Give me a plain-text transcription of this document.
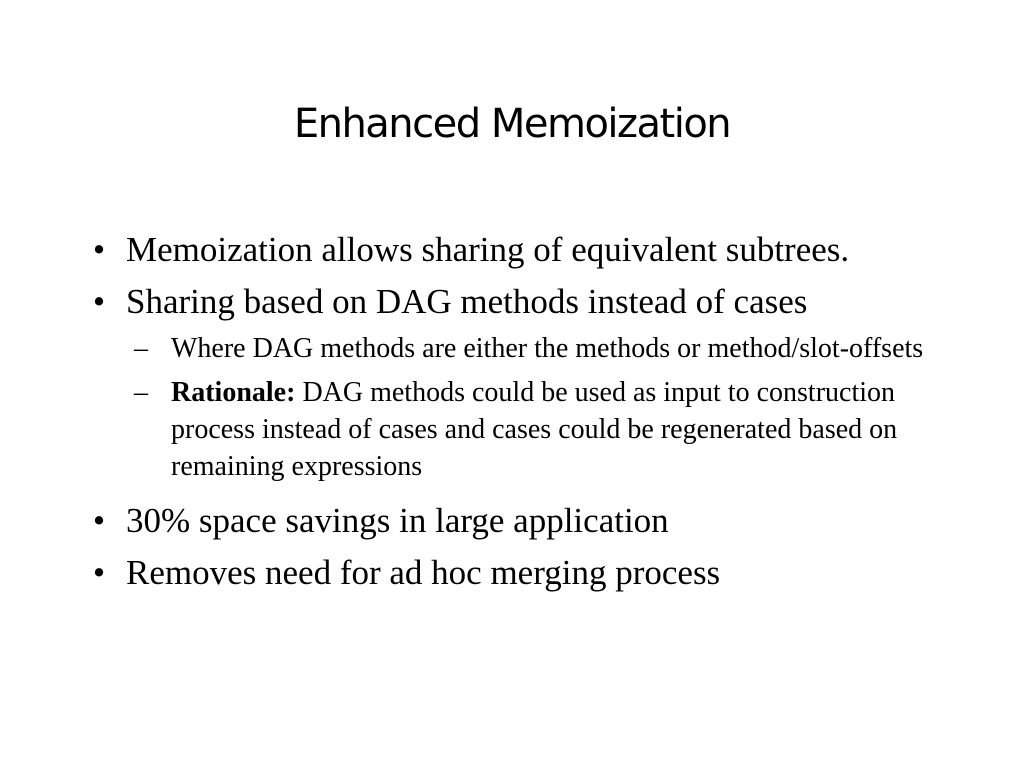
Enhanced Memoization
• Memoization allows sharing of equivalent subtrees.
• Sharing based on DAG methods instead of cases
– Where DAG methods are either the methods or method/slot-offsets
– Rationale: DAG methods could be used as input to construction process instead of cases and cases could be regenerated based on remaining expressions
• 30% space savings in large application
• Removes need for ad hoc merging process
